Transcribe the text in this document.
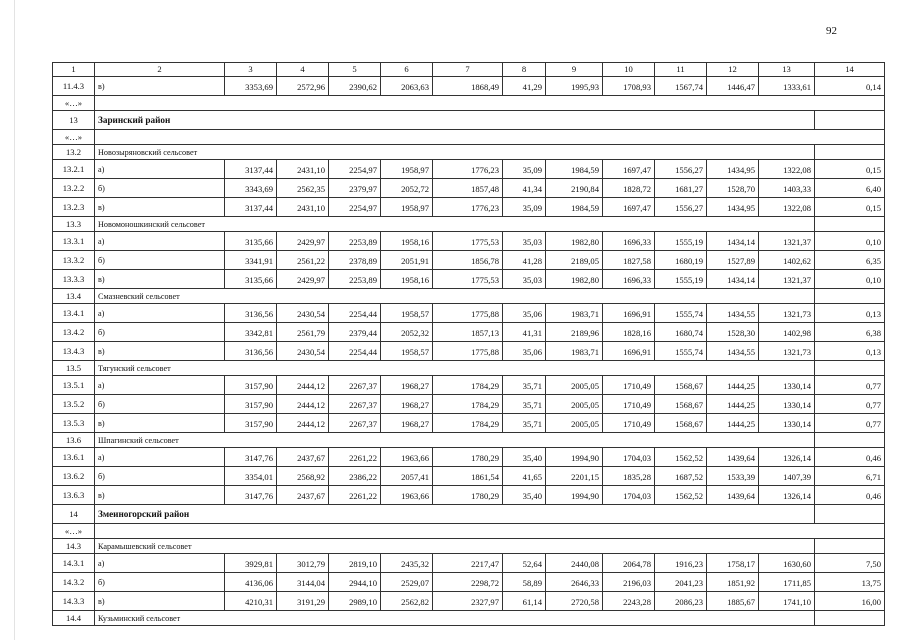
92
1	2	3	4	5	6	7	8	9	10	11	12	13	14
11.4.3	в)	3353,69	2572,96	2390,62	2063,63	1868,49	41,29	1995,93	1708,93	1567,74	1446,47	1333,61	0,14
«…»													
13	Заринский район												
«…»													
13.2	Новозыряновский сельсовет												
13.2.1	а)	3137,44	2431,10	2254,97	1958,97	1776,23	35,09	1984,59	1697,47	1556,27	1434,95	1322,08	0,15
13.2.2	б)	3343,69	2562,35	2379,97	2052,72	1857,48	41,34	2190,84	1828,72	1681,27	1528,70	1403,33	6,40
13.2.3	в)	3137,44	2431,10	2254,97	1958,97	1776,23	35,09	1984,59	1697,47	1556,27	1434,95	1322,08	0,15
13.3	Новомоношкинский сельсовет												
13.3.1	а)	3135,66	2429,97	2253,89	1958,16	1775,53	35,03	1982,80	1696,33	1555,19	1434,14	1321,37	0,10
13.3.2	б)	3341,91	2561,22	2378,89	2051,91	1856,78	41,28	2189,05	1827,58	1680,19	1527,89	1402,62	6,35
13.3.3	в)	3135,66	2429,97	2253,89	1958,16	1775,53	35,03	1982,80	1696,33	1555,19	1434,14	1321,37	0,10
13.4	Смазневский сельсовет												
13.4.1	а)	3136,56	2430,54	2254,44	1958,57	1775,88	35,06	1983,71	1696,91	1555,74	1434,55	1321,73	0,13
13.4.2	б)	3342,81	2561,79	2379,44	2052,32	1857,13	41,31	2189,96	1828,16	1680,74	1528,30	1402,98	6,38
13.4.3	в)	3136,56	2430,54	2254,44	1958,57	1775,88	35,06	1983,71	1696,91	1555,74	1434,55	1321,73	0,13
13.5	Тягунский сельсовет												
13.5.1	а)	3157,90	2444,12	2267,37	1968,27	1784,29	35,71	2005,05	1710,49	1568,67	1444,25	1330,14	0,77
13.5.2	б)	3157,90	2444,12	2267,37	1968,27	1784,29	35,71	2005,05	1710,49	1568,67	1444,25	1330,14	0,77
13.5.3	в)	3157,90	2444,12	2267,37	1968,27	1784,29	35,71	2005,05	1710,49	1568,67	1444,25	1330,14	0,77
13.6	Шпагинский сельсовет												
13.6.1	а)	3147,76	2437,67	2261,22	1963,66	1780,29	35,40	1994,90	1704,03	1562,52	1439,64	1326,14	0,46
13.6.2	б)	3354,01	2568,92	2386,22	2057,41	1861,54	41,65	2201,15	1835,28	1687,52	1533,39	1407,39	6,71
13.6.3	в)	3147,76	2437,67	2261,22	1963,66	1780,29	35,40	1994,90	1704,03	1562,52	1439,64	1326,14	0,46
14	Змеиногорский район												
«…»													
14.3	Карамышевский сельсовет												
14.3.1	а)	3929,81	3012,79	2819,10	2435,32	2217,47	52,64	2440,08	2064,78	1916,23	1758,17	1630,60	7,50
14.3.2	б)	4136,06	3144,04	2944,10	2529,07	2298,72	58,89	2646,33	2196,03	2041,23	1851,92	1711,85	13,75
14.3.3	в)	4210,31	3191,29	2989,10	2562,82	2327,97	61,14	2720,58	2243,28	2086,23	1885,67	1741,10	16,00
14.4	Кузьминский сельсовет												
